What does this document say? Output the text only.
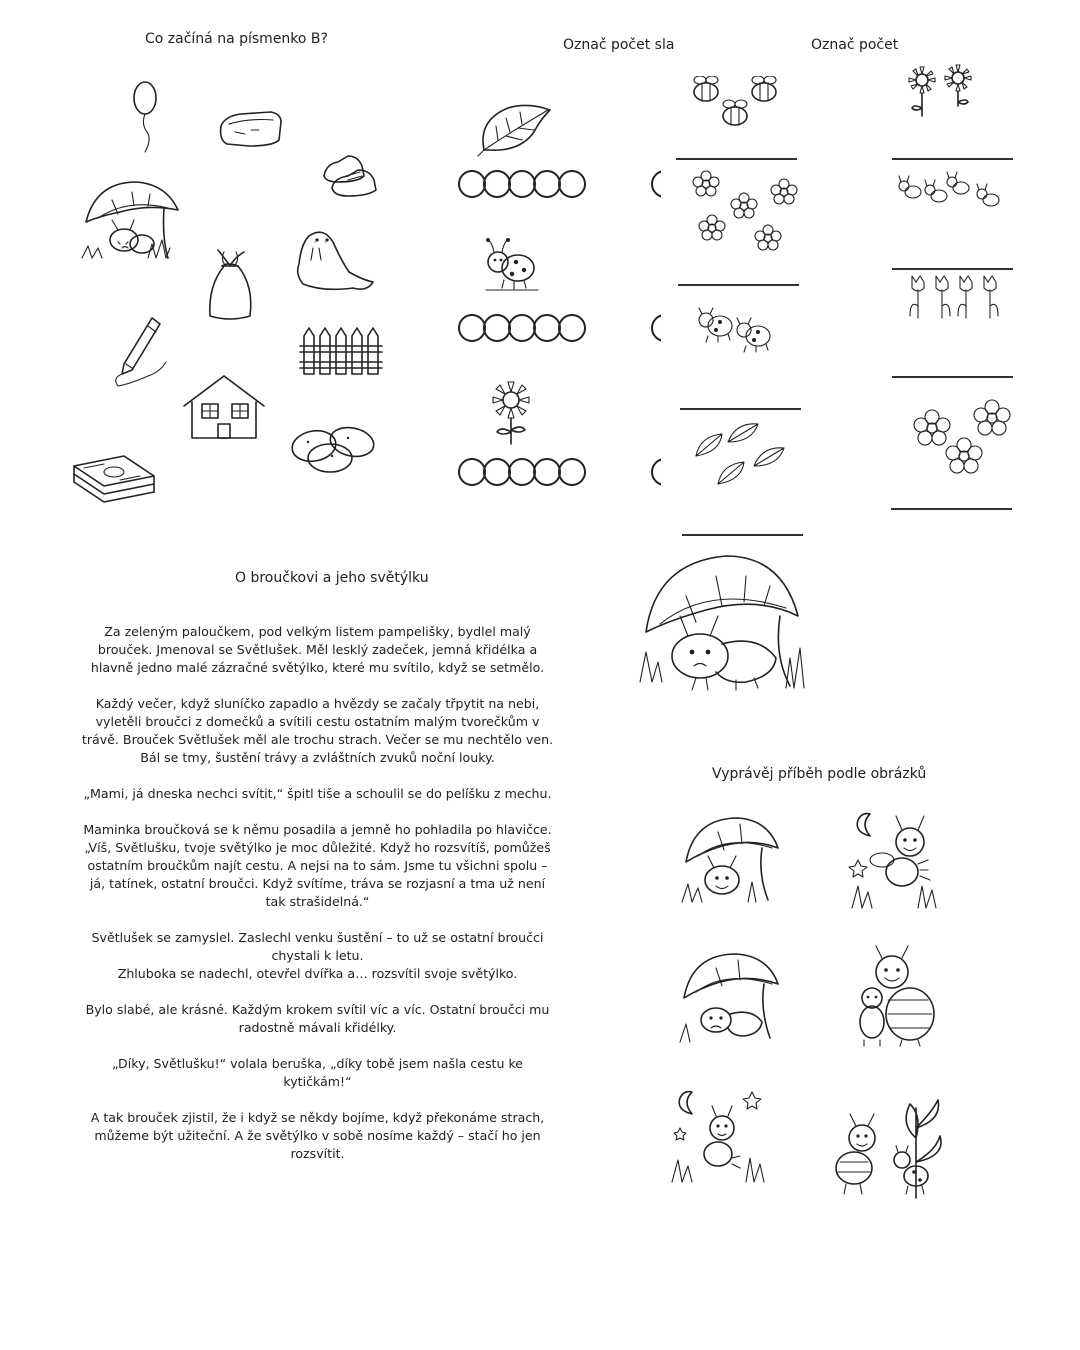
Co začíná na písmenko B?	Označ počet sla	Označ počet
O broučkovi a jeho světýlku

Za zeleným paloučkem, pod velkým listem pampelišky, bydlel malý brouček. Jmenoval se Světlušek. Měl lesklý zadeček, jemná křidélka a hlavně jedno malé zázračné světýlko, které mu svítilo, když se setmělo.

Každý večer, když sluníčko zapadlo a hvězdy se začaly třpytit na nebi, vyletěli broučci z domečků a svítili cestu ostatním malým tvorečkům v trávě. Brouček Světlušek měl ale trochu strach. Večer se mu nechtělo ven. Bál se tmy, šustění trávy a zvláštních zvuků noční louky.

„Mami, já dneska nechci svítit,“ špitl tiše a schoulil se do pelíšku z mechu.

Maminka broučková se k němu posadila a jemně ho pohladila po hlavičce. „Víš, Světlušku, tvoje světýlko je moc důležité. Když ho rozsvítíš, pomůžeš ostatním broučkům najít cestu. A nejsi na to sám. Jsme tu všichni spolu – já, tatínek, ostatní broučci. Když svítíme, tráva se rozjasní a tma už není tak strašidelná.“

Světlušek se zamyslel. Zaslechl venku šustění – to už se ostatní broučci chystali k letu.
Zhluboka se nadechl, otevřel dvířka a… rozsvítil svoje světýlko.

Bylo slabé, ale krásné. Každým krokem svítil víc a víc. Ostatní broučci mu radostně mávali křidélky.

„Díky, Světlušku!“ volala beruška, „díky tobě jsem našla cestu ke kytičkám!“

A tak brouček zjistil, že i když se někdy bojíme, když překonáme strach, můžeme být užiteční. A že světýlko v sobě nosíme každý – stačí ho jen rozsvítit.

Vyprávěj příběh podle obrázků
